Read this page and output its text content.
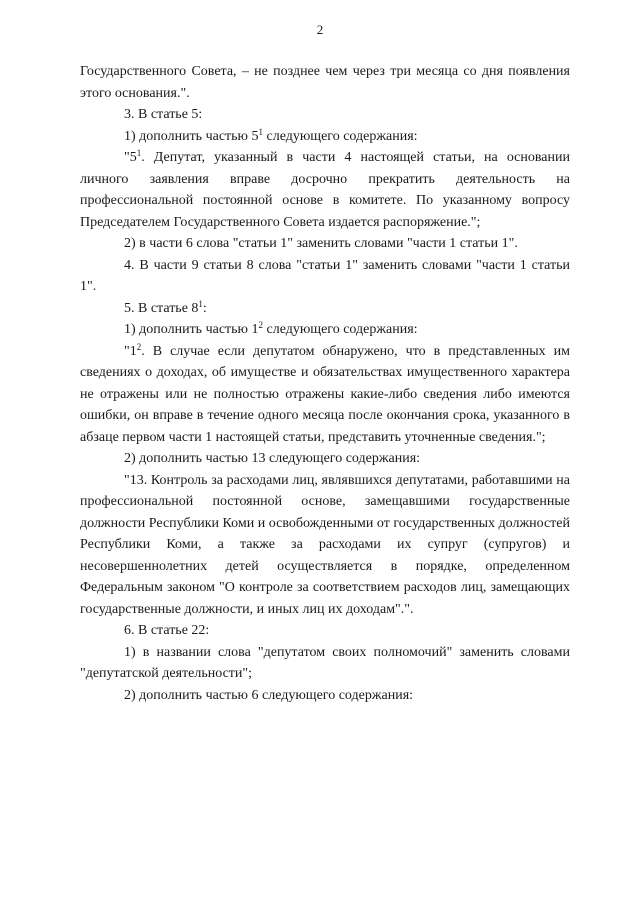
2

Государственного Совета, – не позднее чем через три месяца со дня появления этого основания.".

3. В статье 5:

1) дополнить частью $5^1$ следующего содержания:

"$5^1$. Депутат, указанный в части 4 настоящей статьи, на основании личного заявления вправе досрочно прекратить деятельность на профессиональной постоянной основе в комитете. По указанному вопросу Председателем Государственного Совета издается распоряжение.";

2) в части 6 слова "статьи 1" заменить словами "части 1 статьи 1".

4. В части 9 статьи 8 слова "статьи 1" заменить словами "части 1 статьи 1".

5. В статье $8^1$:

1) дополнить частью $1^2$ следующего содержания:

"$1^2$. В случае если депутатом обнаружено, что в представленных им сведениях о доходах, об имуществе и обязательствах имущественного характера не отражены или не полностью отражены какие-либо сведения либо имеются ошибки, он вправе в течение одного месяца после окончания срока, указанного в абзаце первом части 1 настоящей статьи, представить уточненные сведения.";

2) дополнить частью 13 следующего содержания:

"13. Контроль за расходами лиц, являвшихся депутатами, работавшими на профессиональной постоянной основе, замещавшими государственные должности Республики Коми и освобожденными от государственных должностей Республики Коми, а также за расходами их супруг (супругов) и несовершеннолетних детей осуществляется в порядке, определенном Федеральным законом "О контроле за соответствием расходов лиц, замещающих государственные должности, и иных лиц их доходам".".

6. В статье 22:

1) в названии слова "депутатом своих полномочий" заменить словами "депутатской деятельности";

2) дополнить частью 6 следующего содержания:
